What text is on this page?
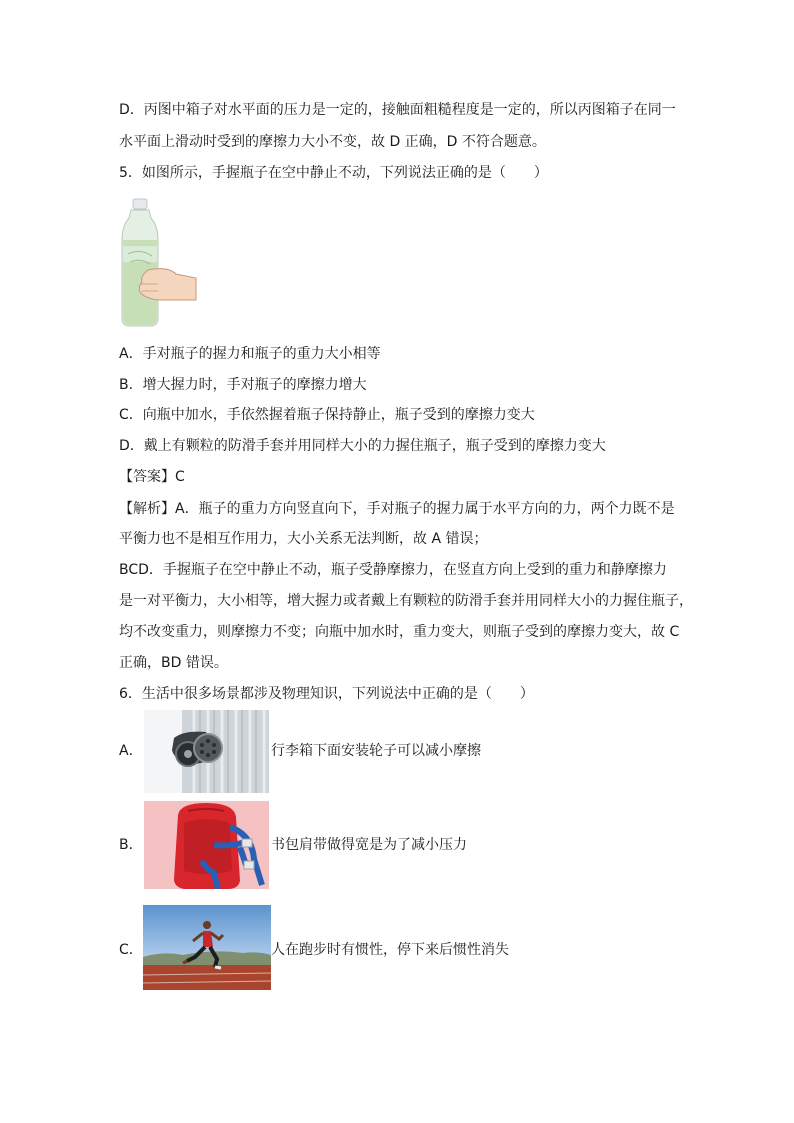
D．丙图中箱子对水平面的压力是一定的，接触面粗糙程度是一定的，所以丙图箱子在同一
水平面上滑动时受到的摩擦力大小不变，故 D 正确，D 不符合题意。
5．如图所示，手握瓶子在空中静止不动，下列说法正确的是（　　）
A．手对瓶子的握力和瓶子的重力大小相等
B．增大握力时，手对瓶子的摩擦力增大
C．向瓶中加水，手依然握着瓶子保持静止，瓶子受到的摩擦力变大
D．戴上有颗粒的防滑手套并用同样大小的力握住瓶子，瓶子受到的摩擦力变大
【答案】C
【解析】A．瓶子的重力方向竖直向下，手对瓶子的握力属于水平方向的力，两个力既不是
平衡力也不是相互作用力，大小关系无法判断，故 A 错误；
BCD．手握瓶子在空中静止不动，瓶子受静摩擦力，在竖直方向上受到的重力和静摩擦力
是一对平衡力，大小相等，增大握力或者戴上有颗粒的防滑手套并用同样大小的力握住瓶子，
均不改变重力，则摩擦力不变；向瓶中加水时，重力变大，则瓶子受到的摩擦力变大，故 C
正确，BD 错误。
6．生活中很多场景都涉及物理知识，下列说法中正确的是（　　）
A．	行李箱下面安装轮子可以减小摩擦
B．	书包肩带做得宽是为了减小压力
C．	人在跑步时有惯性，停下来后惯性消失
